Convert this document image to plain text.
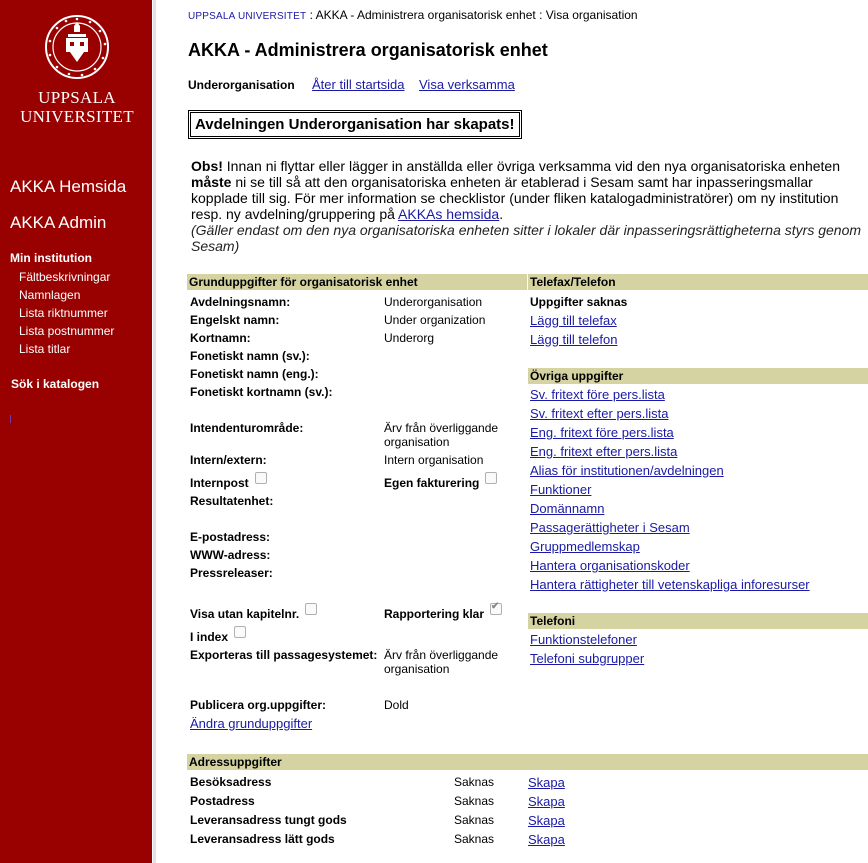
UPPSALA
UNIVERSITET
AKKA Hemsida
AKKA Admin
Min institution
Fältbeskrivningar
Namnlagen
Lista riktnummer
Lista postnummer
Lista titlar
Sök i katalogen
UPPSALA UNIVERSITET : AKKA - Administrera organisatorisk enhet : Visa organisation
AKKA - Administrera organisatorisk enhet
Underorganisation Åter till startsida Visa verksamma
Avdelningen Underorganisation har skapats!
Obs! Innan ni flyttar eller lägger in anställda eller övriga verksamma vid den nya organisatoriska enheten måste ni se till så att den organisatoriska enheten är etablerad i Sesam samt har inpasseringsmallar kopplade till sig. För mer information se checklistor (under fliken katalogadministratörer) om ny institution resp. ny avdelning/gruppering på AKKAs hemsida.
(Gäller endast om den nya organisatoriska enheten sitter i lokaler där inpasseringsrättigheterna styrs genom Sesam)
Grunduppgifter för organisatorisk enhet	Telefax/Telefon
Övriga uppgifter
Telefoni
Adressuppgifter
Avdelningsnamn:	Underorganisation
Engelskt namn:	Under organization
Kortnamn:	Underorg
Fonetiskt namn (sv.):
Fonetiskt namn (eng.):
Fonetiskt kortnamn (sv.):
Intendenturområde:	Ärv från överliggande
organisation
Intern/extern:	Intern organisation
Internpost	Egen fakturering
Resultatenhet:
E-postadress:
WWW-adress:
Pressreleaser:
Visa utan kapitelnr.	Rapportering klar✔
I index
Exporteras till passagesystemet: Ärv från överliggande
organisation
Publicera org.uppgifter:	Dold
Ändra grunduppgifter
Uppgifter saknas
Lägg till telefax
Lägg till telefon
Sv. fritext före pers.lista
Sv. fritext efter pers.lista
Eng. fritext före pers.lista
Eng. fritext efter pers.lista
Alias för institutionen/avdelningen
Funktioner
Domännamn
Passagerättigheter i Sesam
Gruppmedlemskap
Hantera organisationskoder
Hantera rättigheter till vetenskapliga inforesurser
Funktionstelefoner
Telefoni subgrupper
Besöksadress	Saknas	Skapa
Postadress	Saknas	Skapa
Leveransadress tungt gods	Saknas	Skapa
Leveransadress lätt gods	Saknas	Skapa
